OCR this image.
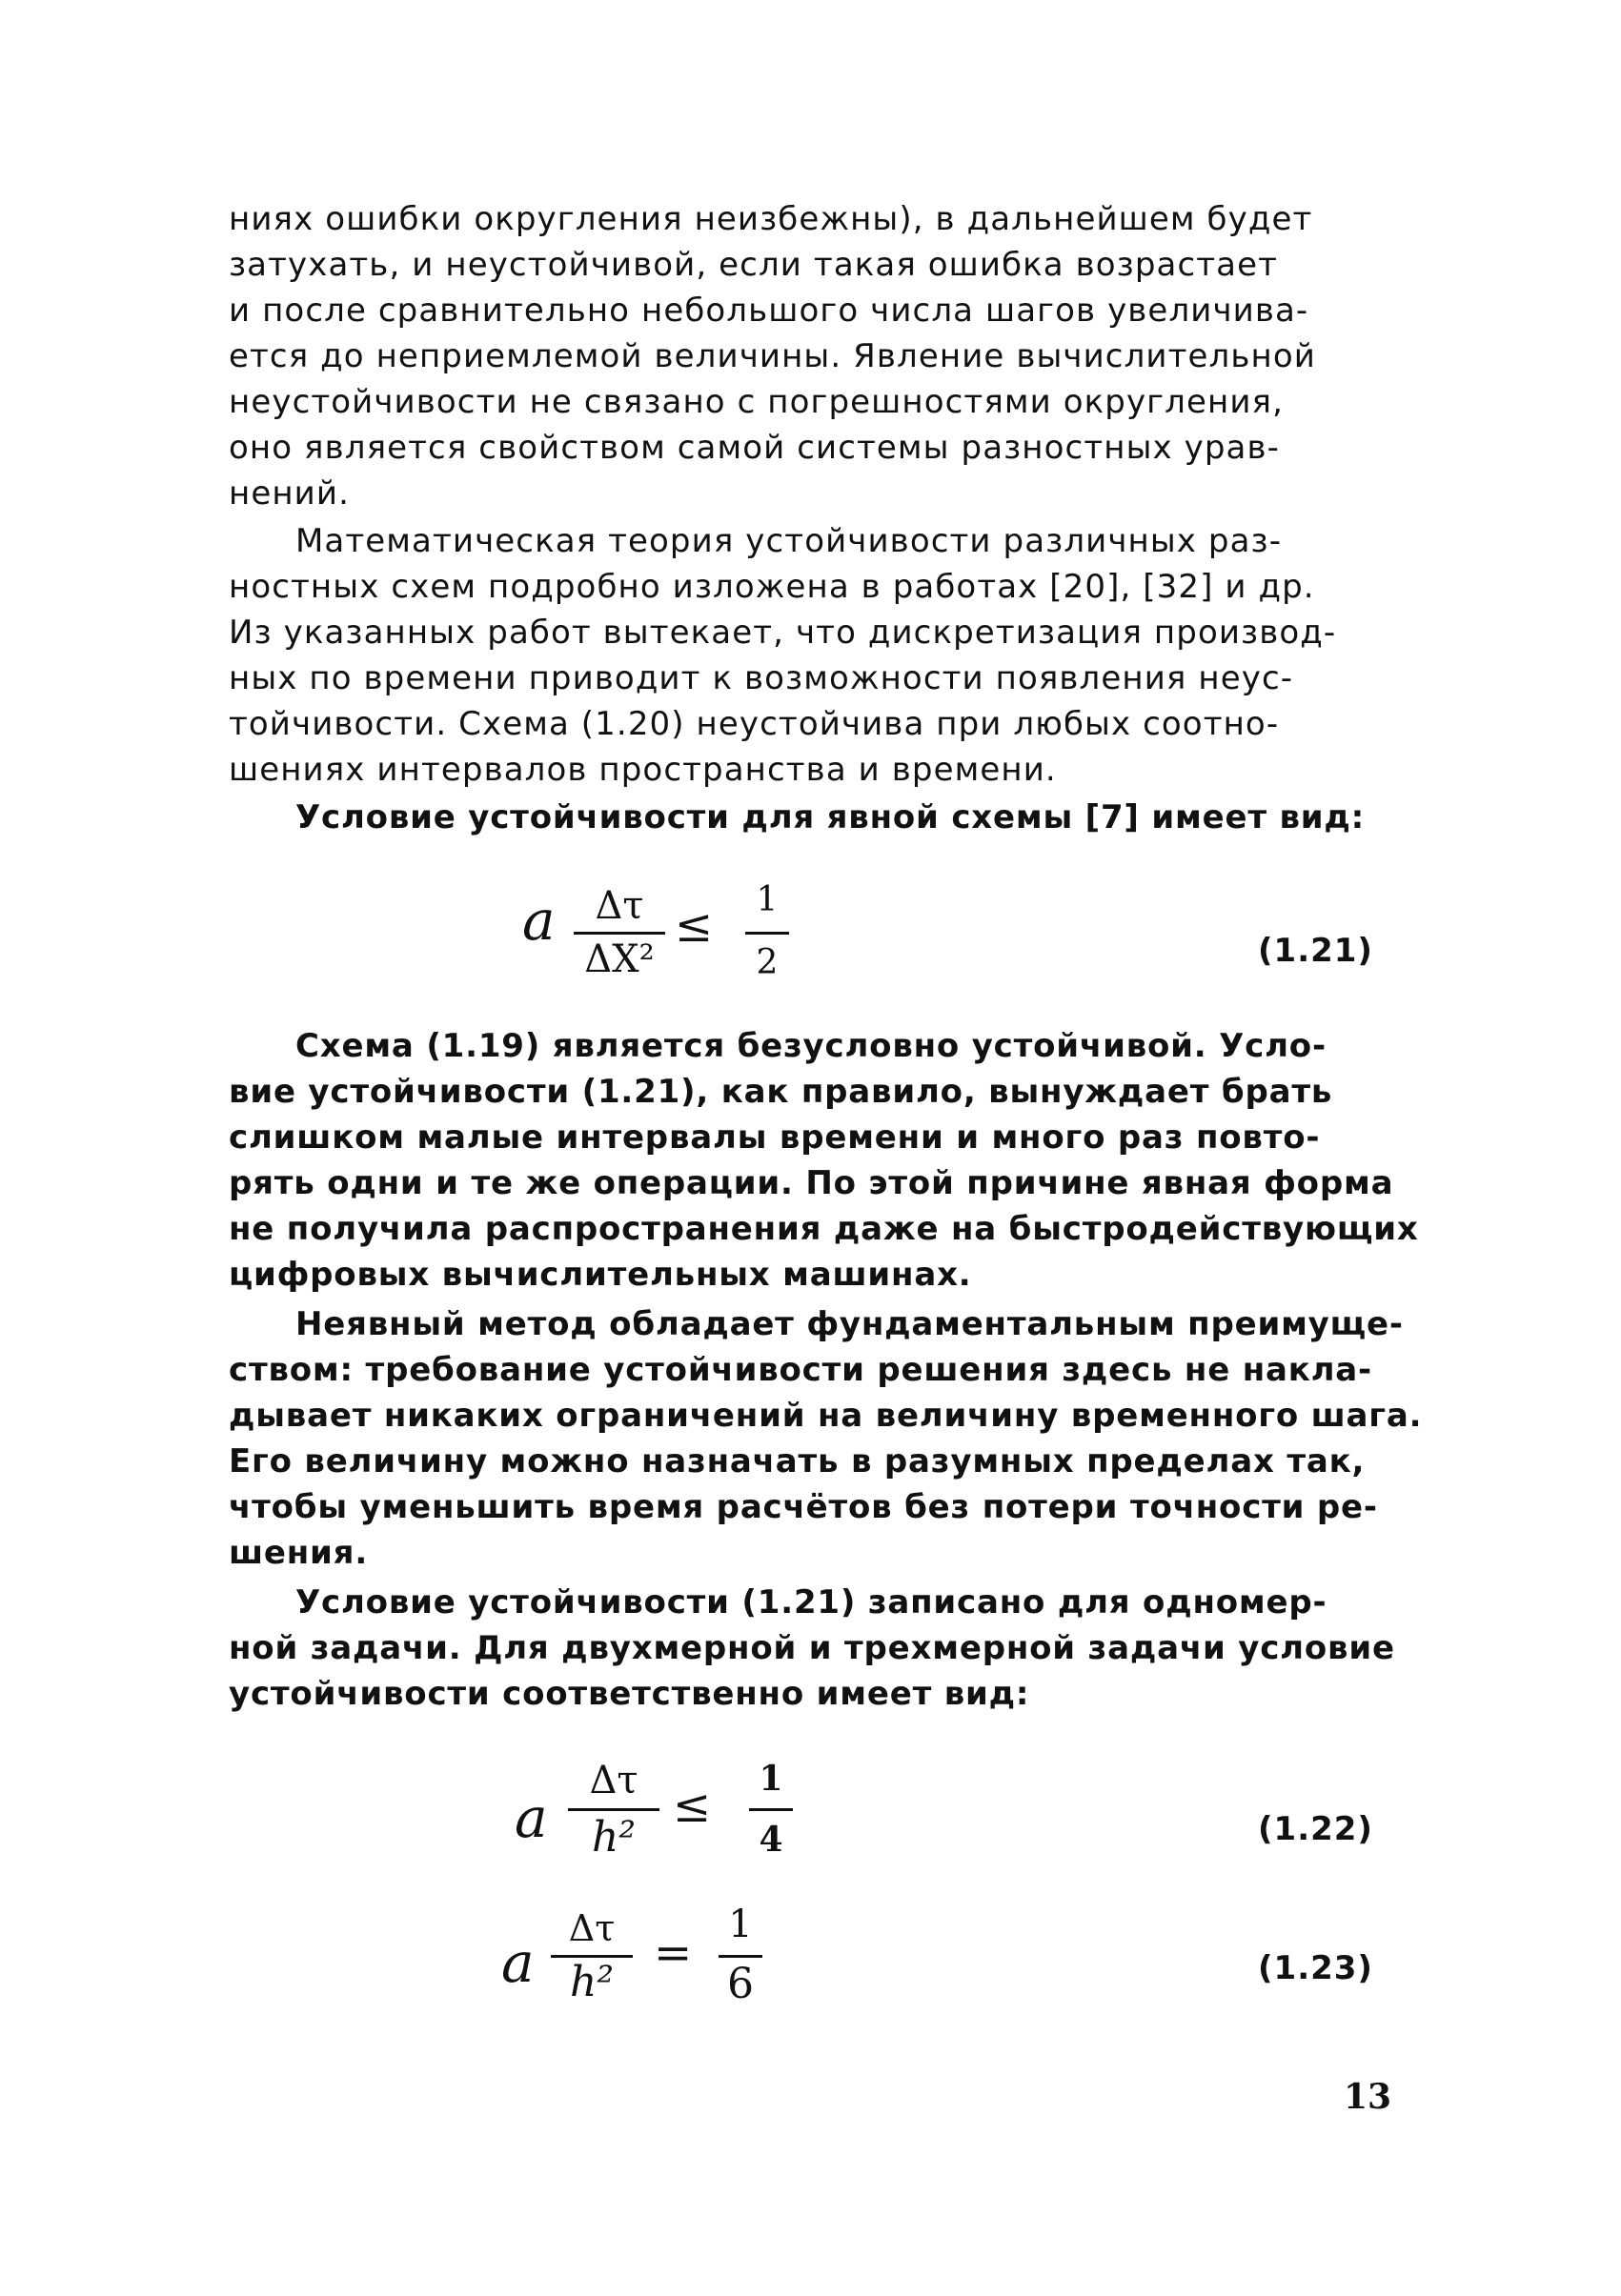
ниях ошибки округления неизбежны), в дальнейшем будет
затухать, и неустойчивой, если такая ошибка возрастает
и после сравнительно небольшого числа шагов увеличива-
ется до неприемлемой величины. Явление вычислительной
неустойчивости не связано с погрешностями округления,
оно является свойством самой системы разностных урав-
нений.
Математическая теория устойчивости различных раз-
ностных схем подробно изложена в работах [20], [32] и др.
Из указанных работ вытекает, что дискретизация производ-
ных по времени приводит к возможности появления неус-
тойчивости. Схема (1.20) неустойчива при любых соотно-
шениях интервалов пространства и времени.
Условие устойчивости для явной схемы [7] имеет вид:
a	Δτ
ΔX²
≤	1
2	(1.21)
Схема (1.19) является безусловно устойчивой. Усло-
вие устойчивости (1.21), как правило, вынуждает брать
слишком малые интервалы времени и много раз повто-
рять одни и те же операции. По этой причине явная форма
не получила распространения даже на быстродействующих
цифровых вычислительных машинах.
Неявный метод обладает фундаментальным преимуще-
ством: требование устойчивости решения здесь не накла-
дывает никаких ограничений на величину временного шага.
Его величину можно назначать в разумных пределах так,
чтобы уменьшить время расчётов без потери точности ре-
шения.
Условие устойчивости (1.21) записано для одномер-
ной задачи. Для двухмерной и трехмерной задачи условие
устойчивости соответственно имеет вид:
a
Δτ
h²
≤
1
4	(1.22)
a
Δτ
h²
=
1
6	(1.23)
13
